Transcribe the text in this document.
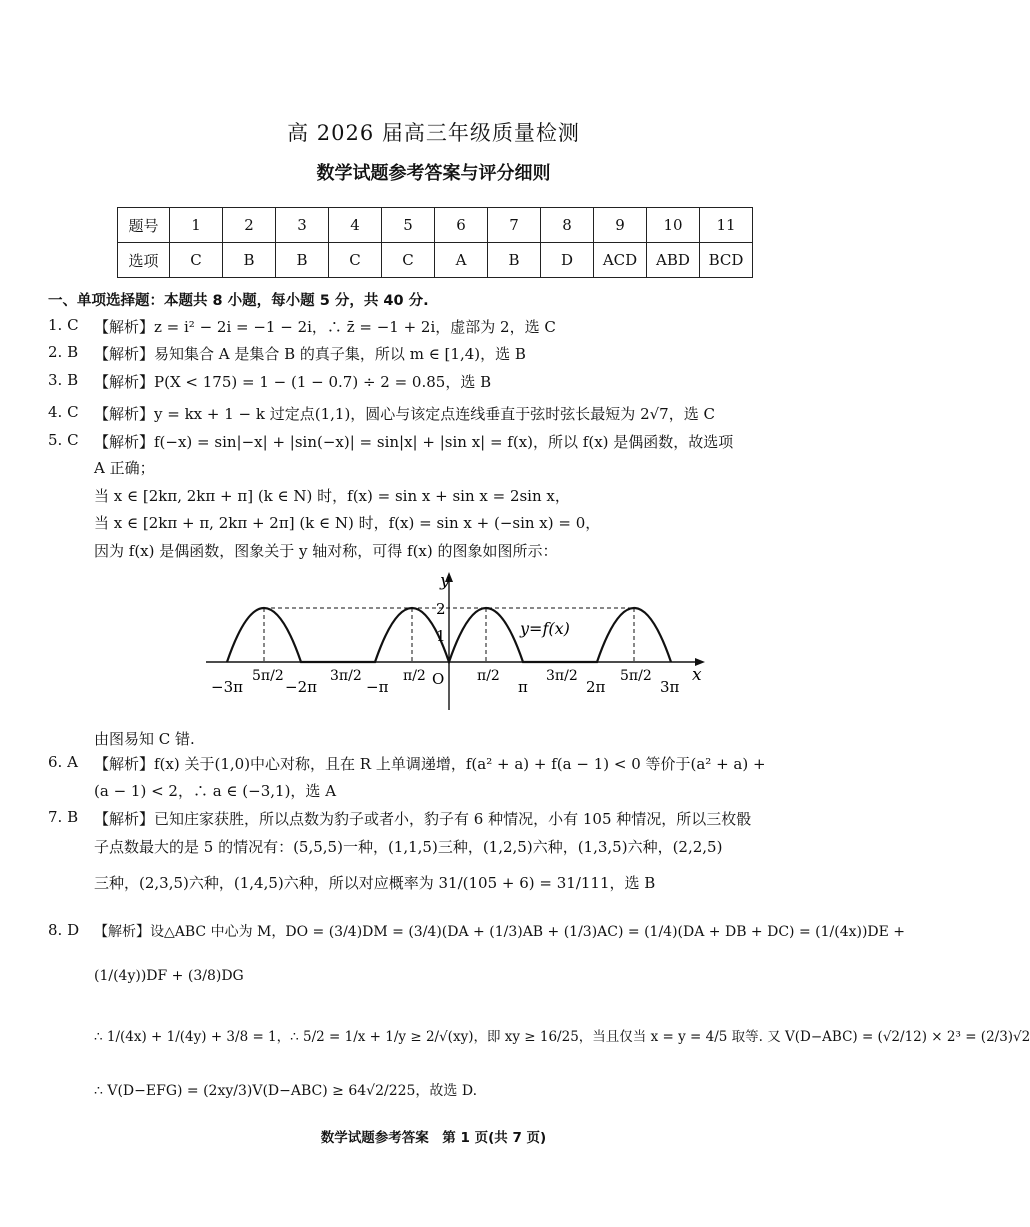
高 2026 届高三年级质量检测
数学试题参考答案与评分细则
题号	1	2	3	4	5	6	7	8	9	10	11
选项	C	B	B	C	C	A	B	D	ACD	ABD	BCD
一、单项选择题：本题共 8 小题，每小题 5 分，共 40 分.
1. C 【解析】z = i² − 2i = −1 − 2i，∴ z̄ = −1 + 2i，虚部为 2，选 C
2. B 【解析】易知集合 A 是集合 B 的真子集，所以 m ∈ [1,4)，选 B
3. B 【解析】P(X < 175) = 1 − (1 − 0.7) ÷ 2 = 0.85，选 B
4. C 【解析】y = kx + 1 − k 过定点(1,1)，圆心与该定点连线垂直于弦时弦长最短为 2√7，选 C
5. C 【解析】f(−x) = sin|−x| + |sin(−x)| = sin|x| + |sin x| = f(x)，所以 f(x) 是偶函数，故选项
A 正确；
当 x ∈ [2kπ, 2kπ + π] (k ∈ N) 时，f(x) = sin x + sin x = 2sin x，
当 x ∈ [2kπ + π, 2kπ + 2π] (k ∈ N) 时，f(x) = sin x + (−sin x) = 0，
因为 f(x) 是偶函数，图象关于 y 轴对称，可得 f(x) 的图象如图所示：
y
x
2
1
O
y=f(x)
−3π
5π/2
−2π
3π/2
−π
π/2	π/2
π
3π/2
2π
5π/2
3π
由图易知 C 错.
6. A 【解析】f(x) 关于(1,0)中心对称，且在 R 上单调递增，f(a² + a) + f(a − 1) < 0 等价于(a² + a) +
(a − 1) < 2，∴ a ∈ (−3,1)，选 A
7. B 【解析】已知庄家获胜，所以点数为豹子或者小，豹子有 6 种情况，小有 105 种情况，所以三枚骰
子点数最大的是 5 的情况有：(5,5,5)一种，(1,1,5)三种，(1,2,5)六种，(1,3,5)六种，(2,2,5)
三种，(2,3,5)六种，(1,4,5)六种，所以对应概率为 31/(105 + 6) = 31/111，选 B
8. D 【解析】设△ABC 中心为 M，DO = (3/4)DM = (3/4)(DA + (1/3)AB + (1/3)AC) = (1/4)(DA + DB + DC) = (1/(4x))DE +
(1/(4y))DF + (3/8)DG
∴ 1/(4x) + 1/(4y) + 3/8 = 1，∴ 5/2 = 1/x + 1/y ≥ 2/√(xy)，即 xy ≥ 16/25，当且仅当 x = y = 4/5 取等. 又 V(D−ABC) = (√2/12) × 2³ = (2/3)√2
∴ V(D−EFG) = (2xy/3)V(D−ABC) ≥ 64√2/225，故选 D.
数学试题参考答案　第 1 页(共 7 页)
